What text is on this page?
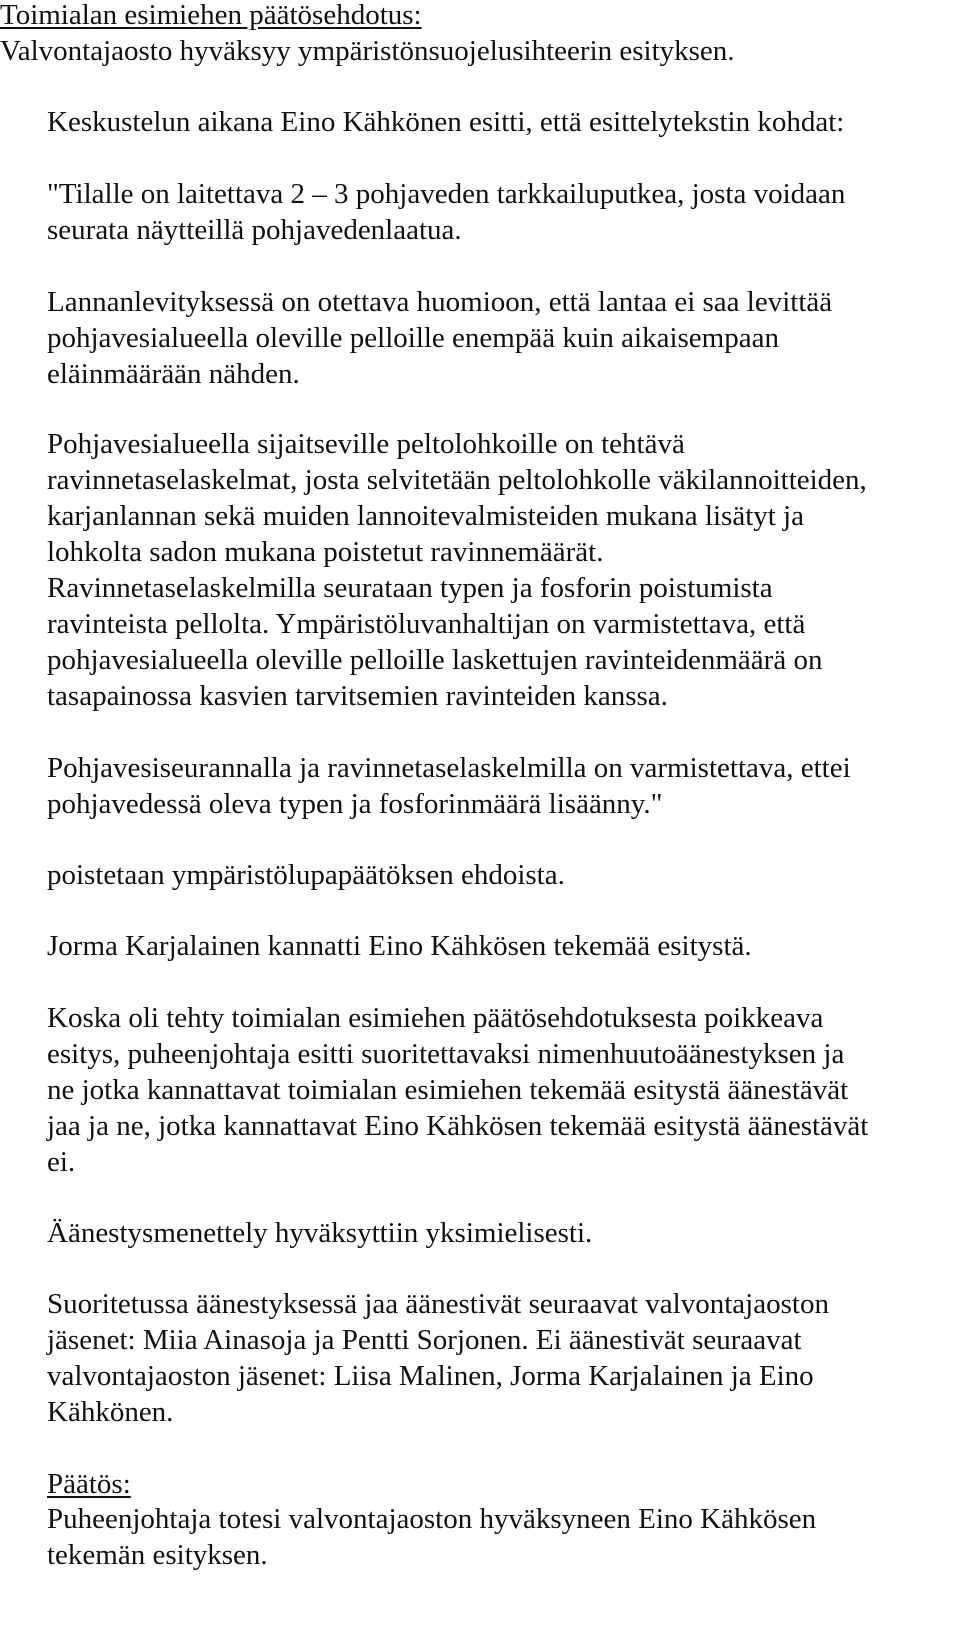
Toimialan esimiehen päätösehdotus:
Valvontajaosto hyväksyy ympäristönsuojelusihteerin esityksen.
Keskustelun aikana Eino Kähkönen esitti, että esittelytekstin kohdat:
"Tilalle on laitettava 2 – 3 pohjaveden tarkkailuputkea, josta voidaan
seurata näytteillä pohjavedenlaatua.
Lannanlevityksessä on otettava huomioon, että lantaa ei saa levittää
pohjavesialueella oleville pelloille enempää kuin aikaisempaan
eläinmäärään nähden.
Pohjavesialueella sijaitseville peltolohkoille on tehtävä
ravinnetaselaskelmat, josta selvitetään peltolohkolle väkilannoitteiden,
karjanlannan sekä muiden lannoitevalmisteiden mukana lisätyt ja
lohkolta sadon mukana poistetut ravinnemäärät.
Ravinnetaselaskelmilla seurataan typen ja fosforin poistumista
ravinteista pellolta. Ympäristöluvanhaltijan on varmistettava, että
pohjavesialueella oleville pelloille laskettujen ravinteidenmäärä on
tasapainossa kasvien tarvitsemien ravinteiden kanssa.
Pohjavesiseurannalla ja ravinnetaselaskelmilla on varmistettava, ettei
pohjavedessä oleva typen ja fosforinmäärä lisäänny."
poistetaan ympäristölupapäätöksen ehdoista.
Jorma Karjalainen kannatti Eino Kähkösen tekemää esitystä.
Koska oli tehty toimialan esimiehen päätösehdotuksesta poikkeava
esitys, puheenjohtaja esitti suoritettavaksi nimenhuutoäänestyksen ja
ne jotka kannattavat toimialan esimiehen tekemää esitystä äänestävät
jaa ja ne, jotka kannattavat Eino Kähkösen tekemää esitystä äänestävät
ei.
Äänestysmenettely hyväksyttiin yksimielisesti.
Suoritetussa äänestyksessä jaa äänestivät seuraavat valvontajaoston
jäsenet: Miia Ainasoja ja Pentti Sorjonen. Ei äänestivät seuraavat
valvontajaoston jäsenet: Liisa Malinen, Jorma Karjalainen ja Eino
Kähkönen.
Päätös:
Puheenjohtaja totesi valvontajaoston hyväksyneen Eino Kähkösen
tekemän esityksen.
